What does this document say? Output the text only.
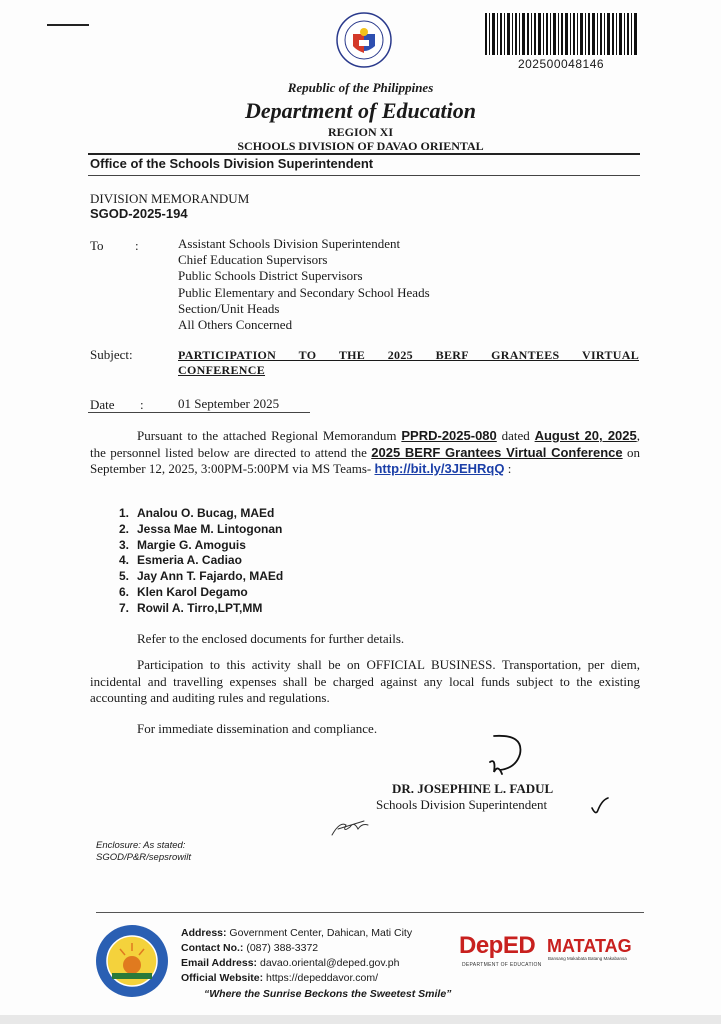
202500048146
Republic of the Philippines
Department of Education
REGION XI
SCHOOLS DIVISION OF DAVAO ORIENTAL
Office of the Schools Division Superintendent
DIVISION MEMORANDUM
SGOD-2025-194
To :	Assistant Schools Division Superintendent
Chief Education Supervisors
Public Schools District Supervisors
Public Elementary and Secondary School Heads
Section/Unit Heads
All Others Concerned
Subject:	PARTICIPATION TO THE 2025 BERF GRANTEES VIRTUAL
CONFERENCE
Date :	01 September 2025
Pursuant to the attached Regional Memorandum PPRD-2025-080 dated August 20, 2025, the personnel listed below are directed to attend the 2025 BERF Grantees Virtual Conference on September 12, 2025, 3:00PM-5:00PM via MS Teams- http://bit.ly/3JEHRqQ :
1. Analou O. Bucag, MAEd
2. Jessa Mae M. Lintogonan
3. Margie G. Amoguis
4. Esmeria A. Cadiao
5. Jay Ann T. Fajardo, MAEd
6. Klen Karol Degamo
7. Rowil A. Tirro,LPT,MM
Refer to the enclosed documents for further details.
Participation to this activity shall be on OFFICIAL BUSINESS. Transportation, per diem, incidental and travelling expenses shall be charged against any local funds subject to the existing accounting and auditing rules and regulations.
For immediate dissemination and compliance.
DR. JOSEPHINE L. FADUL
Schools Division Superintendent
Enclosure: As stated:
SGOD/P&R/sepsrowilt
Address: Government Center, Dahican, Mati City
Contact No.: (087) 388-3372
Email Address: davao.oriental@deped.gov.ph
Official Website: https://depeddavor.com/
“Where the Sunrise Beckons the Sweetest Smile”
DepED
DEPARTMENT OF EDUCATION
MATATAG
Bansang Makabata Batang Makabansa
